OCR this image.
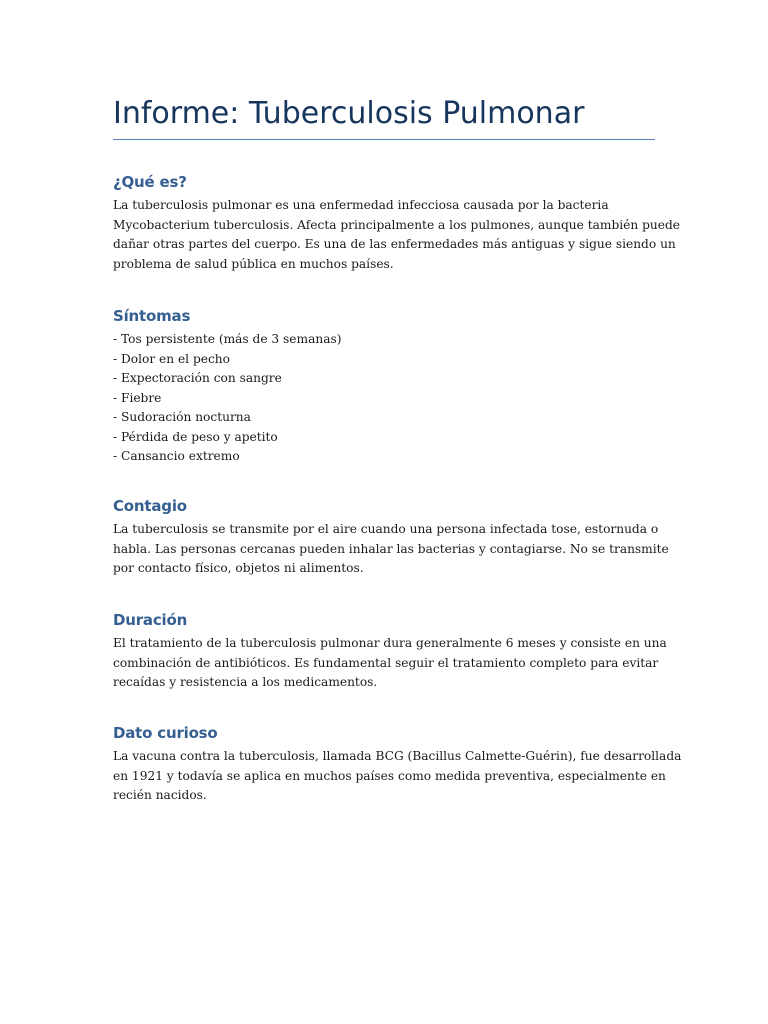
Informe: Tuberculosis Pulmonar
¿Qué es?
La tuberculosis pulmonar es una enfermedad infecciosa causada por la bacteria
Mycobacterium tuberculosis. Afecta principalmente a los pulmones, aunque también puede
dañar otras partes del cuerpo. Es una de las enfermedades más antiguas y sigue siendo un
problema de salud pública en muchos países.
Síntomas
- Tos persistente (más de 3 semanas)
- Dolor en el pecho
- Expectoración con sangre
- Fiebre
- Sudoración nocturna
- Pérdida de peso y apetito
- Cansancio extremo
Contagio
La tuberculosis se transmite por el aire cuando una persona infectada tose, estornuda o
habla. Las personas cercanas pueden inhalar las bacterias y contagiarse. No se transmite
por contacto físico, objetos ni alimentos.
Duración
El tratamiento de la tuberculosis pulmonar dura generalmente 6 meses y consiste en una
combinación de antibióticos. Es fundamental seguir el tratamiento completo para evitar
recaídas y resistencia a los medicamentos.
Dato curioso
La vacuna contra la tuberculosis, llamada BCG (Bacillus Calmette-Guérin), fue desarrollada
en 1921 y todavía se aplica en muchos países como medida preventiva, especialmente en
recién nacidos.
